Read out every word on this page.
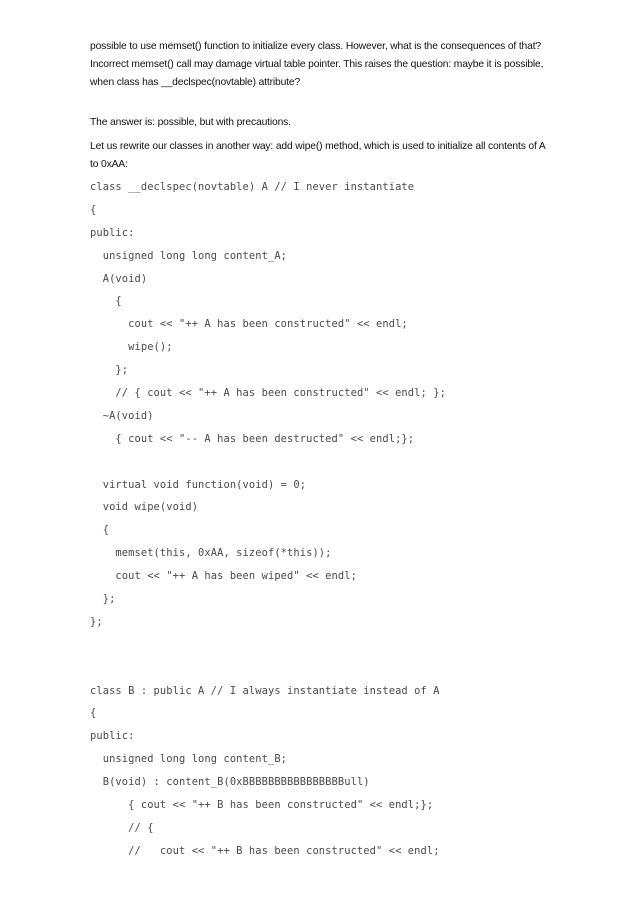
possible to use memset() function to initialize every class. However, what is the consequences of that?
Incorrect memset() call may damage virtual table pointer. This raises the question: maybe it is possible,
when class has __declspec(novtable) attribute?
The answer is: possible, but with precautions.
Let us rewrite our classes in another way: add wipe() method, which is used to initialize all contents of A
to 0xAA:
class __declspec(novtable) A // I never instantiate
{
public:
unsigned long long content_A;
A(void)
{
cout << "++ A has been constructed" << endl;
wipe();
};
// { cout << "++ A has been constructed" << endl; };
~A(void)
{ cout << "-- A has been destructed" << endl;};
virtual void function(void) = 0;
void wipe(void)
{
memset(this, 0xAA, sizeof(*this));
cout << "++ A has been wiped" << endl;
};
};
class B : public A // I always instantiate instead of A
{
public:
unsigned long long content_B;
B(void) : content_B(0xBBBBBBBBBBBBBBBBull)
{ cout << "++ B has been constructed" << endl;};
// {
//   cout << "++ B has been constructed" << endl;
